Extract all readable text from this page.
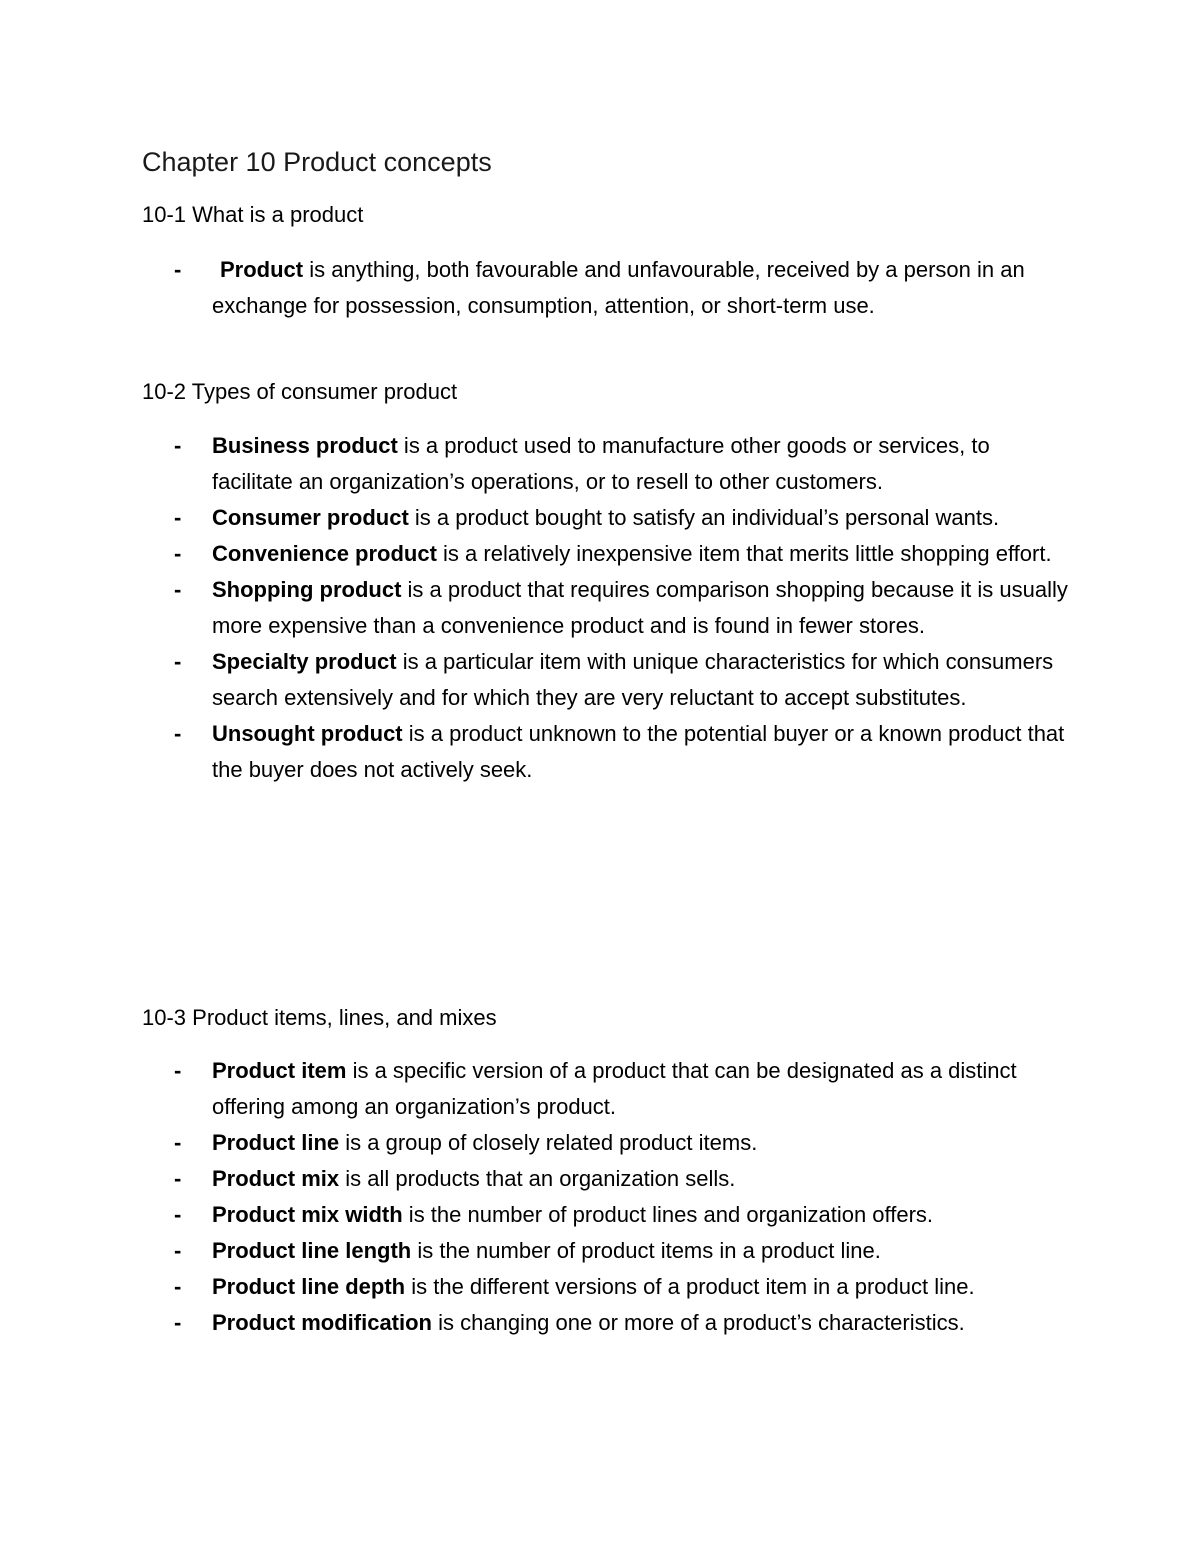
Chapter 10 Product concepts
10-1 What is a product
- Product is anything, both favourable and unfavourable, received by a person in an exchange for possession, consumption, attention, or short-term use.
10-2 Types of consumer product
- Business product is a product used to manufacture other goods or services, to facilitate an organization’s operations, or to resell to other customers.
- Consumer product is a product bought to satisfy an individual’s personal wants.
- Convenience product is a relatively inexpensive item that merits little shopping effort.
- Shopping product is a product that requires comparison shopping because it is usually more expensive than a convenience product and is found in fewer stores.
- Specialty product is a particular item with unique characteristics for which consumers search extensively and for which they are very reluctant to accept substitutes.
- Unsought product is a product unknown to the potential buyer or a known product that the buyer does not actively seek.
10-3 Product items, lines, and mixes
- Product item is a specific version of a product that can be designated as a distinct offering among an organization’s product.
- Product line is a group of closely related product items.
- Product mix is all products that an organization sells.
- Product mix width is the number of product lines and organization offers.
- Product line length is the number of product items in a product line.
- Product line depth is the different versions of a product item in a product line.
- Product modification is changing one or more of a product’s characteristics.
